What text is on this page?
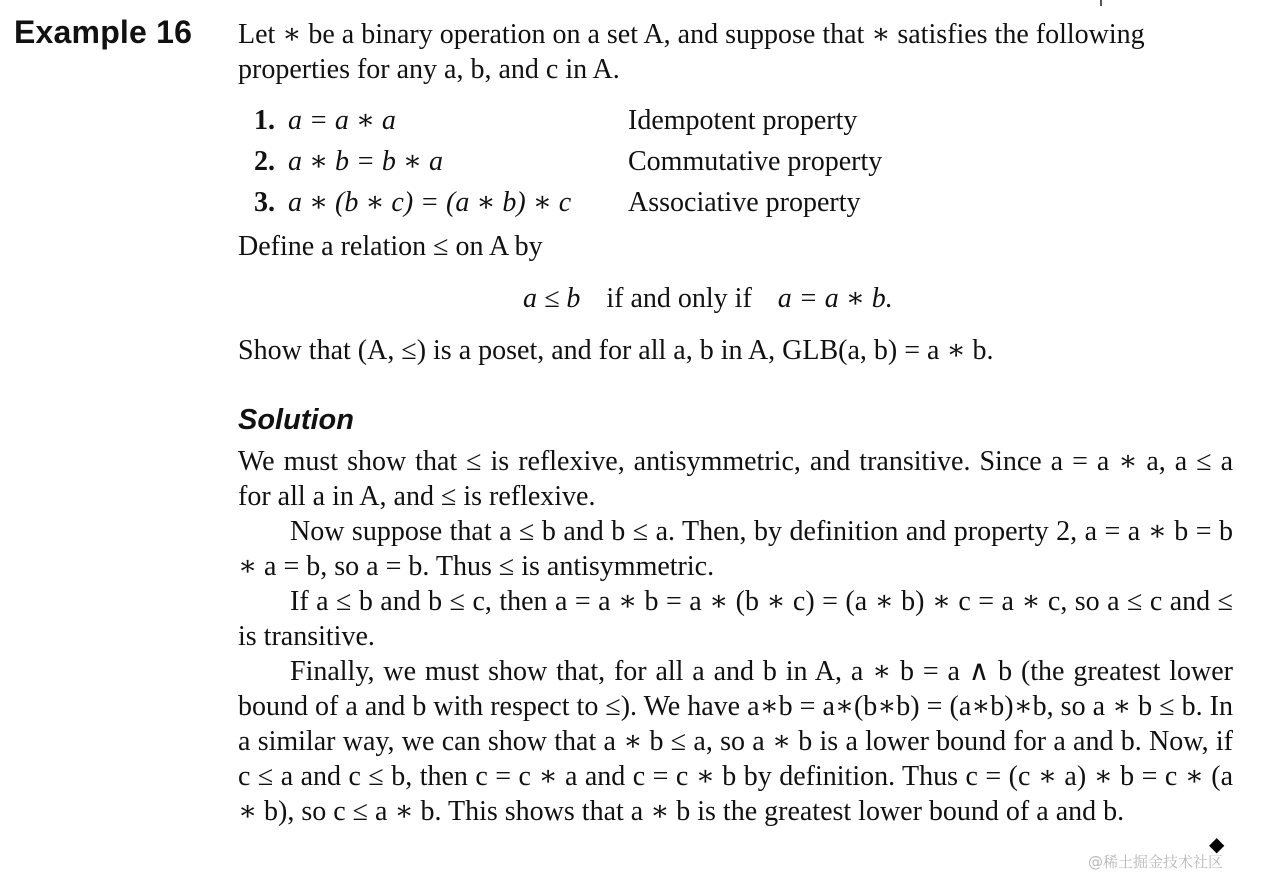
Example 16 Let ∗ be a binary operation on a set A, and suppose that ∗ satisfies the following properties for any a, b, and c in A.

1.	a = a ∗ a	Idempotent property
2.	a ∗ b = b ∗ a	Commutative property
3.	a ∗ (b ∗ c) = (a ∗ b) ∗ c	Associative property

Define a relation ≤ on A by

a ≤ b if and only if a = a ∗ b.

Show that (A, ≤) is a poset, and for all a, b in A, GLB(a, b) = a ∗ b.

Solution

We must show that ≤ is reflexive, antisymmetric, and transitive. Since a = a ∗ a, a ≤ a for all a in A, and ≤ is reflexive.

Now suppose that a ≤ b and b ≤ a. Then, by definition and property 2, a = a ∗ b = b ∗ a = b, so a = b. Thus ≤ is antisymmetric.

If a ≤ b and b ≤ c, then a = a ∗ b = a ∗ (b ∗ c) = (a ∗ b) ∗ c = a ∗ c, so a ≤ c and ≤ is transitive.

Finally, we must show that, for all a and b in A, a ∗ b = a ∧ b (the greatest lower bound of a and b with respect to ≤). We have a∗b = a∗(b∗b) = (a∗b)∗b, so a ∗ b ≤ b. In a similar way, we can show that a ∗ b ≤ a, so a ∗ b is a lower bound for a and b. Now, if c ≤ a and c ≤ b, then c = c ∗ a and c = c ∗ b by definition. Thus c = (c ∗ a) ∗ b = c ∗ (a ∗ b), so c ≤ a ∗ b. This shows that a ∗ b is the greatest lower bound of a and b.

◆
@稀土掘金技术社区
